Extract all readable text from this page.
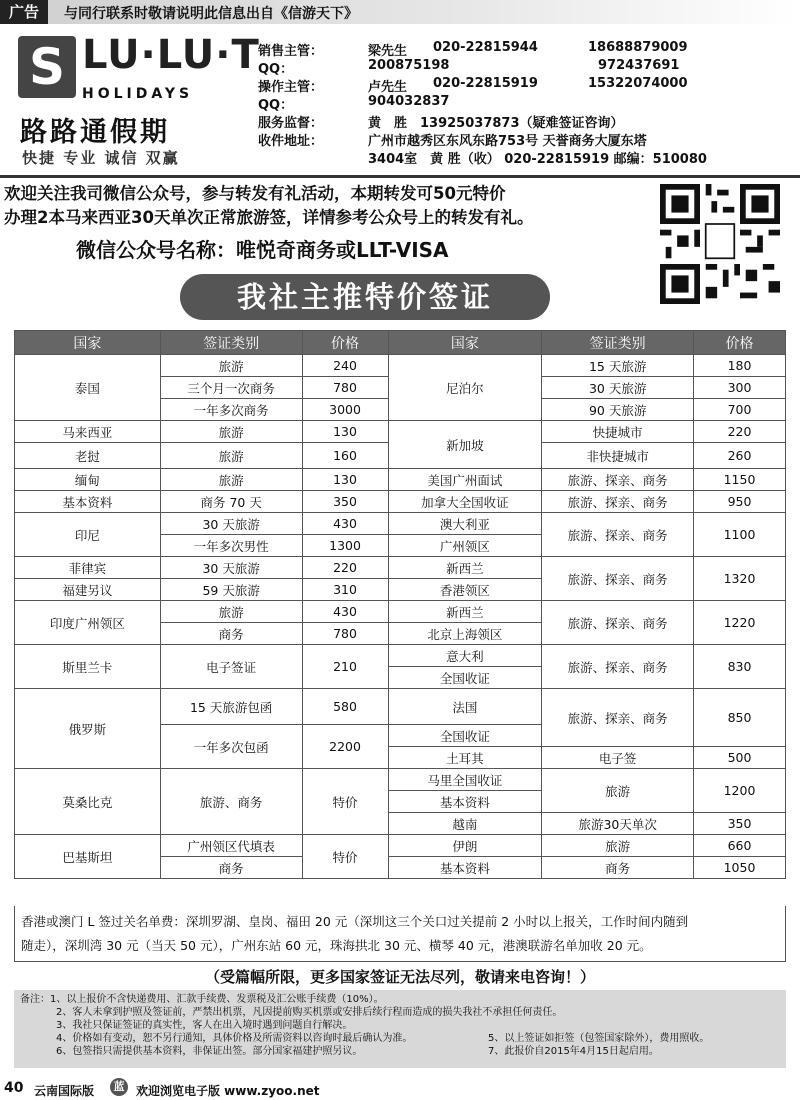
广告	与同行联系时敬请说明此信息出自《信游天下》
S LU·LU·T
HOLIDAYS
路路通假期
快捷 专业 诚信 双赢
销售主管：	梁先生 020-22815944	18688879009
QQ：	200875198	972437691
操作主管：	卢先生 020-22815919	15322074000
QQ：	904032837
服务监督：	黄　胜　13925037873（疑难签证咨询）
收件地址：	广州市越秀区东风东路753号 天誉商务大厦东塔
3404室　黄 胜（收） 020-22815919 邮编：510080
欢迎关注我司微信公众号，参与转发有礼活动，本期转发可50元特价
办理2本马来西亚30天单次正常旅游签，详情参考公众号上的转发有礼。
微信公众号名称：唯悦奇商务或LLT-VISA
我社主推特价签证
国家	签证类别	价格	国家	签证类别	价格
泰国	旅游	240	尼泊尔	15 天旅游	180
	三个月一次商务	780		30 天旅游	300
	一年多次商务	3000		90 天旅游	700
马来西亚	旅游	130	新加坡	快捷城市	220
老挝	旅游	160		非快捷城市	260
缅甸	旅游	130	美国广州面试	旅游、探亲、商务	1150
基本资料	商务 70 天	350	加拿大全国收证	旅游、探亲、商务	950
印尼	30 天旅游	430	澳大利亚	旅游、探亲、商务	1100
	一年多次男性	1300	广州领区		
菲律宾	30 天旅游	220	新西兰	旅游、探亲、商务	1320
福建另议	59 天旅游	310	香港领区		
印度广州领区	旅游	430	新西兰	旅游、探亲、商务	1220
	商务	780	北京上海领区		
斯里兰卡	电子签证	210	意大利	旅游、探亲、商务	830
			全国收证		
俄罗斯	15 天旅游包函	580	法国	旅游、探亲、商务	850
	一年多次包函	2200	全国收证		
			土耳其	电子签	500
莫桑比克	旅游、商务	特价	马里全国收证	旅游	1200
			基本资料		
			越南	旅游30天单次	350
巴基斯坦	广州领区代填表	特价	伊朗	旅游	660
	商务		基本资料	商务	1050
香港或澳门 L 签过关名单费：深圳罗湖、皇岗、福田 20 元（深圳这三个关口过关提前 2 小时以上报关，工作时间内随到
随走），深圳湾 30 元（当天 50 元），广州东站 60 元，珠海拱北 30 元、横琴 40 元，港澳联游名单加收 20 元。
（受篇幅所限，更多国家签证无法尽列，敬请来电咨询！）
备注：1、以上报价不含快递费用、汇款手续费、发票税及汇公账手续费（10%）。
2、客人未拿到护照及签证前，严禁出机票，凡因提前购买机票或安排后续行程而造成的损失我社不承担任何责任。
3、我社只保证签证的真实性，客人在出入境时遇到问题自行解决。
4、价格如有变动，恕不另行通知，具体价格及所需资料以咨询时最后确认为准。	5、以上签证如拒签（包签国家除外），费用照收。
6、包签指只需提供基本资料，非保证出签。部分国家福建护照另议。	7、此报价自2015年4月15日起启用。
40 云南国际版	蓝 欢迎浏览电子版 www.zyoo.net
